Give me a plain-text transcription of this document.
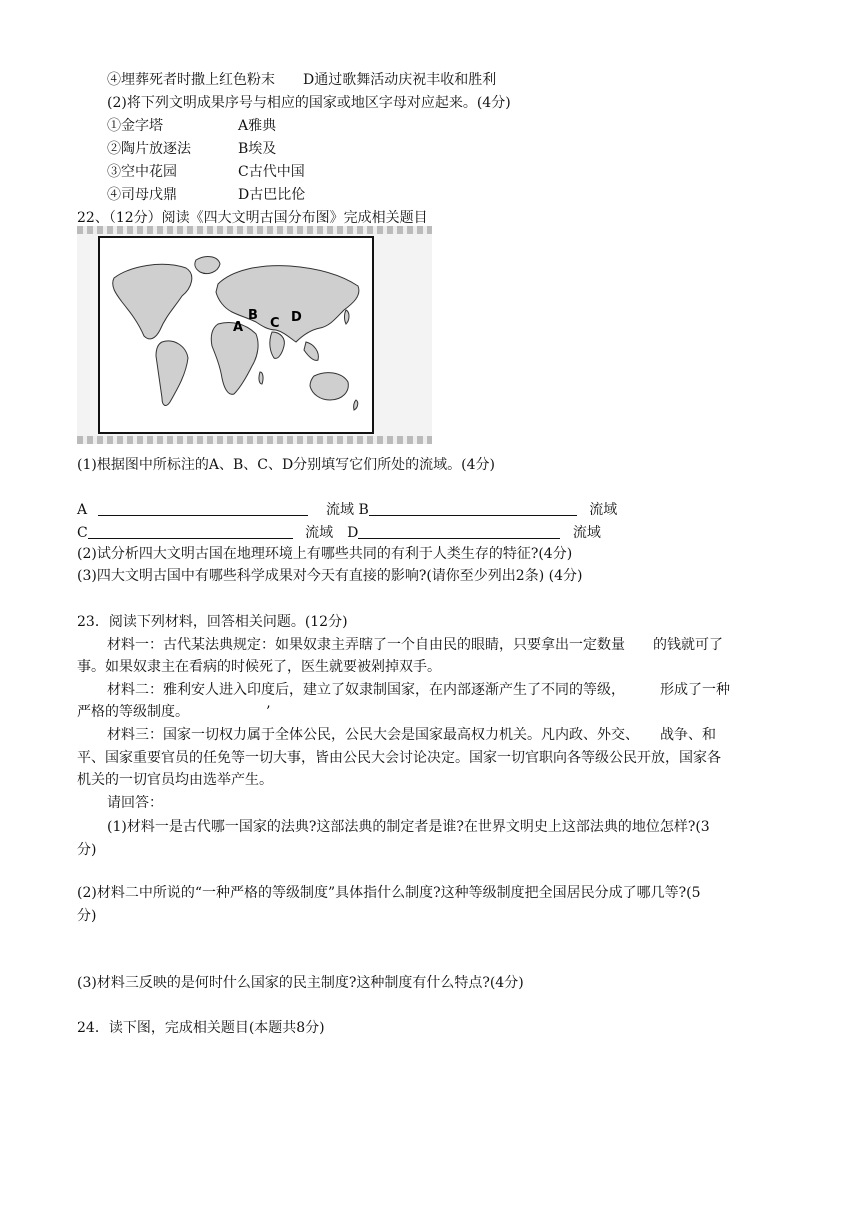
④埋葬死者时撒上红色粉末　　D通过歌舞活动庆祝丰收和胜利
(2)将下列文明成果序号与相应的国家或地区字母对应起来。(4分)
①金字塔	A雅典
②陶片放逐法	B埃及
③空中花园	C古代中国
④司母戊鼎	D古巴比伦
22、（12分）阅读《四大文明古国分布图》完成相关题目
A
B
C D
(1)根据图中所标注的A、B、C、D分别填写它们所处的流域。(4分)
A	流域 B	流域
C	流域　D	流域
(2)试分析四大文明古国在地理环境上有哪些共同的有利于人类生存的特征?(4分)
(3)四大文明古国中有哪些科学成果对今天有直接的影响?(请你至少列出2条) (4分)
23．阅读下列材料，回答相关问题。(12分)
材料一：古代某法典规定：如果奴隶主弄瞎了一个自由民的眼睛，只要拿出一定数量　　的钱就可了
事。如果奴隶主在看病的时候死了，医生就要被剁掉双手。
材料二：雅利安人进入印度后，建立了奴隶制国家，在内部逐渐产生了不同的等级，　　　形成了一种
严格的等级制度。　　　　　　’
材料三：国家一切权力属于全体公民，公民大会是国家最高权力机关。凡内政、外交、　　战争、和
平、国家重要官员的任免等一切大事，皆由公民大会讨论决定。国家一切官职向各等级公民开放，国家各
机关的一切官员均由选举产生。
请回答：
(1)材料一是古代哪一国家的法典?这部法典的制定者是谁?在世界文明史上这部法典的地位怎样?(3
分)
(2)材料二中所说的“一种严格的等级制度”具体指什么制度?这种等级制度把全国居民分成了哪几等?(5
分)
(3)材料三反映的是何时什么国家的民主制度?这种制度有什么特点?(4分)
24．读下图，完成相关题目(本题共8分)
